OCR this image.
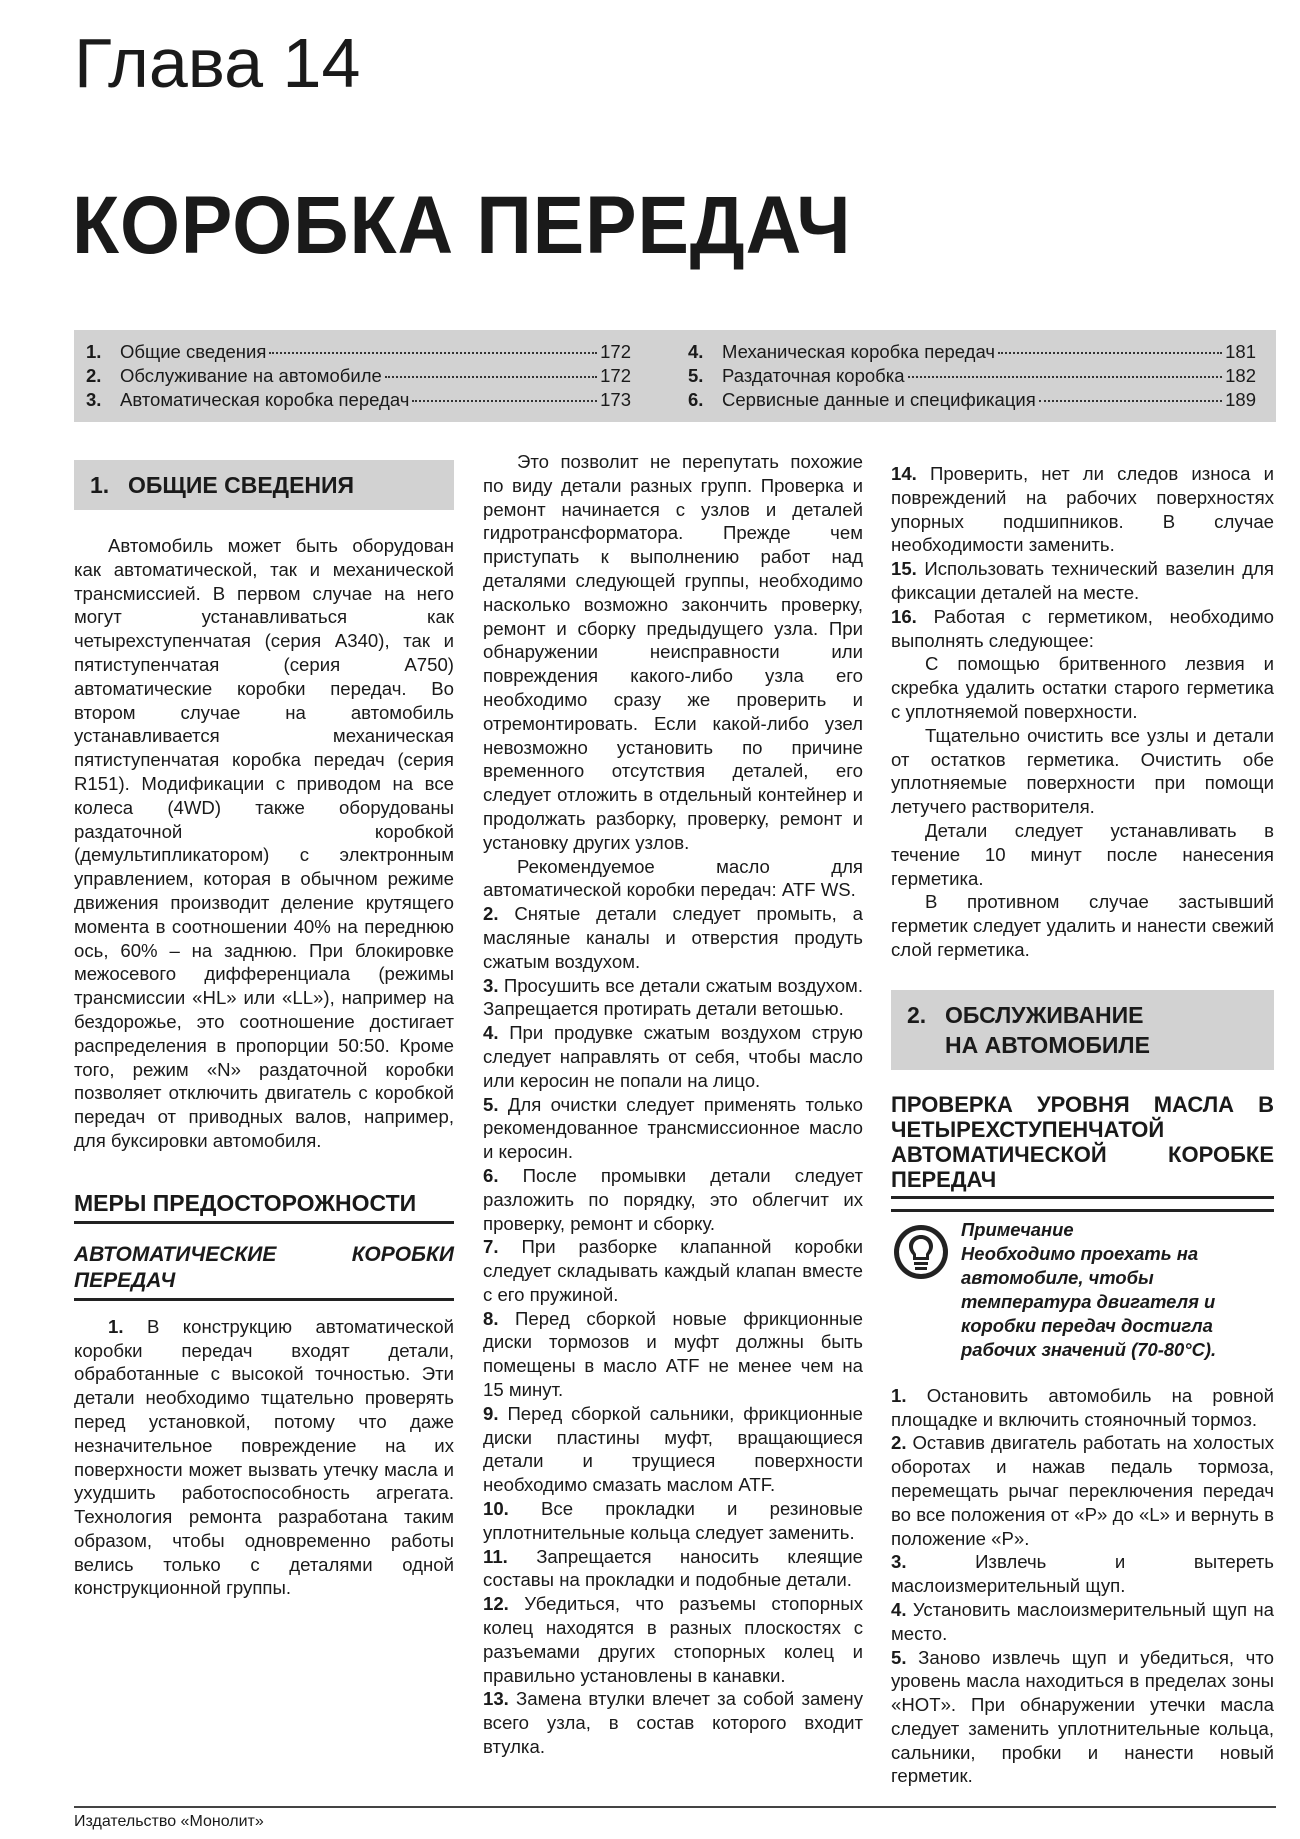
Глава 14
КОРОБКА ПЕРЕДАЧ
1.	Общие сведения	172
2.	Обслуживание на автомобиле	172
3.	Автоматическая коробка передач	173
4.	Механическая коробка передач	181
5.	Раздаточная коробка	182
6.	Сервисные данные и спецификация	189
1. ОБЩИЕ СВЕДЕНИЯ

Автомобиль может быть оборудован как автоматической, так и механической трансмиссией. В первом случае на него могут устанавливаться как четырехступенчатая (серия A340), так и пятиступенчатая (серия A750) автоматические коробки передач. Во втором случае на автомобиль устанавливается механическая пятиступенчатая коробка передач (серия R151). Модификации с приводом на все колеса (4WD) также оборудованы раздаточной коробкой (демультипликатором) с электронным управлением, которая в обычном режиме движения производит деление крутящего момента в соотношении 40% на переднюю ось, 60% – на заднюю. При блокировке межосевого дифференциала (режимы трансмиссии «HL» или «LL»), например на бездорожье, это соотношение достигает распределения в пропорции 50:50. Кроме того, режим «N» раздаточной коробки позволяет отключить двигатель с коробкой передач от приводных валов, например, для буксировки автомобиля.

МЕРЫ ПРЕДОСТОРОЖНОСТИ

АВТОМАТИЧЕСКИЕ КОРОБКИ ПЕРЕДАЧ

1. В конструкцию автоматической коробки передач входят детали, обработанные с высокой точностью. Эти детали необходимо тщательно проверять перед установкой, потому что даже незначительное повреждение на их поверхности может вызвать утечку масла и ухудшить работоспособность агрегата. Технология ремонта разработана таким образом, чтобы одновременно работы велись только с деталями одной конструкционной группы.

Это позволит не перепутать похожие по виду детали разных групп. Проверка и ремонт начинается с узлов и деталей гидротрансформатора. Прежде чем приступать к выполнению работ над деталями следующей группы, необходимо насколько возможно закончить проверку, ремонт и сборку предыдущего узла. При обнаружении неисправности или повреждения какого-либо узла его необходимо сразу же проверить и отремонтировать. Если какой-либо узел невозможно установить по причине временного отсутствия деталей, его следует отложить в отдельный контейнер и продолжать разборку, проверку, ремонт и установку других узлов.

Рекомендуемое масло для автоматической коробки передач: ATF WS.

2. Снятые детали следует промыть, а масляные каналы и отверстия продуть сжатым воздухом.

3. Просушить все детали сжатым воздухом. Запрещается протирать детали ветошью.

4. При продувке сжатым воздухом струю следует направлять от себя, чтобы масло или керосин не попали на лицо.

5. Для очистки следует применять только рекомендованное трансмиссионное масло и керосин.

6. После промывки детали следует разложить по порядку, это облегчит их проверку, ремонт и сборку.

7. При разборке клапанной коробки следует складывать каждый клапан вместе с его пружиной.

8. Перед сборкой новые фрикционные диски тормозов и муфт должны быть помещены в масло ATF не менее чем на 15 минут.

9. Перед сборкой сальники, фрикционные диски пластины муфт, вращающиеся детали и трущиеся поверхности необходимо смазать маслом ATF.

10. Все прокладки и резиновые уплотнительные кольца следует заменить.

11. Запрещается наносить клеящие составы на прокладки и подобные детали.

12. Убедиться, что разъемы стопорных колец находятся в разных плоскостях с разъемами других стопорных колец и правильно установлены в канавки.

13. Замена втулки влечет за собой замену всего узла, в состав которого входит втулка.

14. Проверить, нет ли следов износа и повреждений на рабочих поверхностях упорных подшипников. В случае необходимости заменить.

15. Использовать технический вазелин для фиксации деталей на месте.

16. Работая с герметиком, необходимо выполнять следующее:

С помощью бритвенного лезвия и скребка удалить остатки старого герметика с уплотняемой поверхности.

Тщательно очистить все узлы и детали от остатков герметика. Очистить обе уплотняемые поверхности при помощи летучего растворителя.

Детали следует устанавливать в течение 10 минут после нанесения герметика.

В противном случае застывший герметик следует удалить и нанести свежий слой герметика.

2. ОБСЛУЖИВАНИЕ
НА АВТОМОБИЛЕ

ПРОВЕРКА УРОВНЯ МАСЛА В ЧЕТЫРЕХСТУПЕНЧАТОЙ АВТОМАТИЧЕСКОЙ КОРОБКЕ ПЕРЕДАЧ

Примечание
Необходимо проехать на автомобиле, чтобы температура двигателя и коробки передач достигла рабочих значений (70-80°C).

1. Остановить автомобиль на ровной площадке и включить стояночный тормоз.

2. Оставив двигатель работать на холостых оборотах и нажав педаль тормоза, перемещать рычаг переключения передач во все положения от «P» до «L» и вернуть в положение «P».

3.	Извлечь и вытереть маслоизмерительный щуп.

4. Установить маслоизмерительный щуп на место.

5. Заново извлечь щуп и убедиться, что уровень масла находиться в пределах зоны «HOT». При обнаружении утечки масла следует заменить уплотнительные кольца, сальники, пробки и нанести новый герметик.

Издательство «Монолит»
